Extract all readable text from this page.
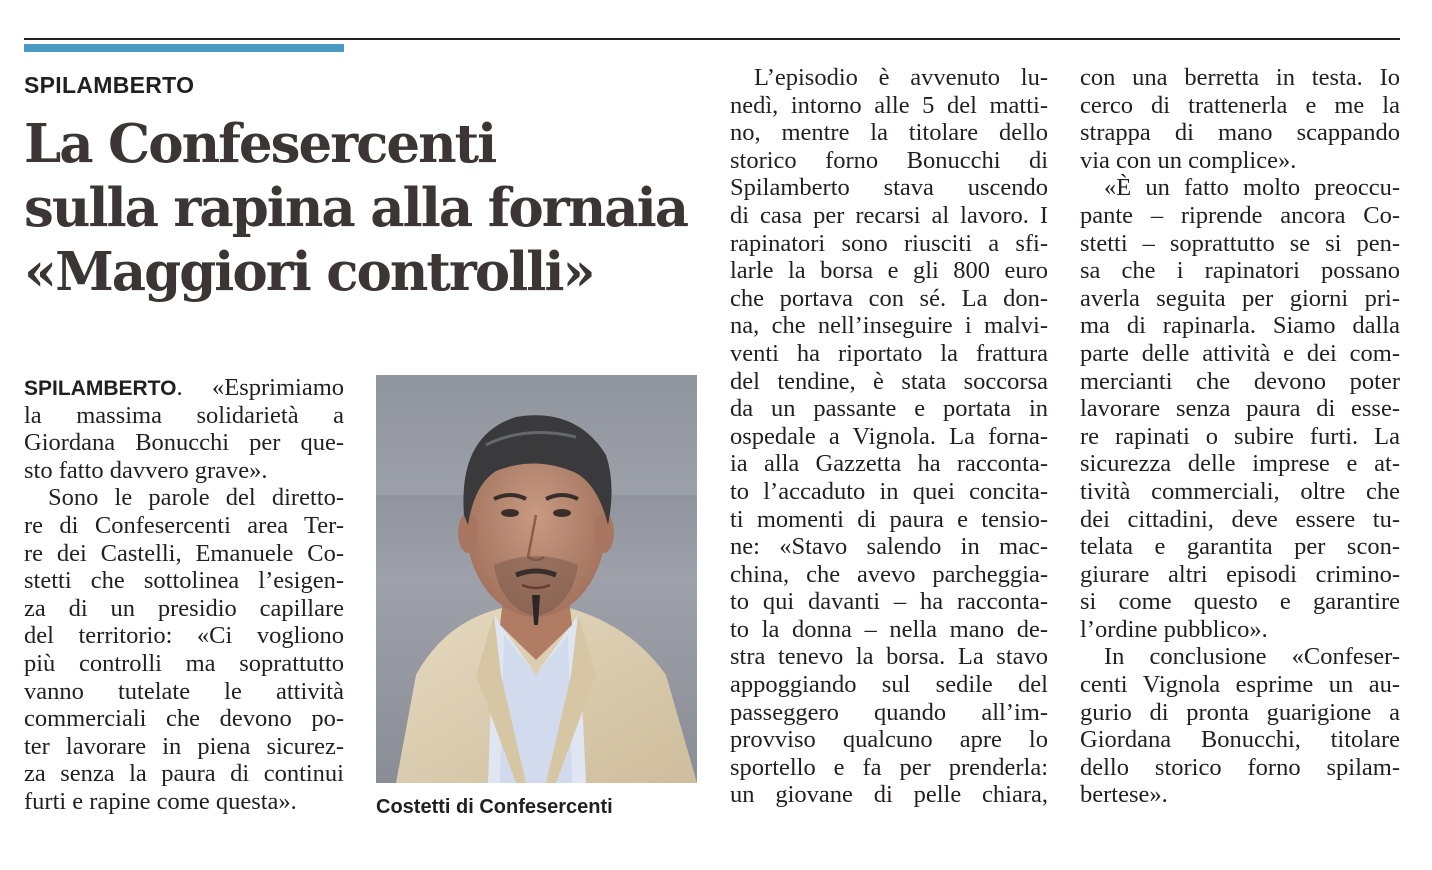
SPILAMBERTO
La Confesercenti
sulla rapina alla fornaia
«Maggiori controlli»
SPILAMBERTO. «Esprimiamo
la massima solidarietà a
Giordana Bonucchi per que-
sto fatto davvero grave».
Sono le parole del diretto-
re di Confesercenti area Ter-
re dei Castelli, Emanuele Co-
stetti che sottolinea l’esigen-
za di un presidio capillare
del territorio: «Ci vogliono
più controlli ma soprattutto
vanno tutelate le attività
commerciali che devono po-
ter lavorare in piena sicurez-
za senza la paura di continui
furti e rapine come questa».	Costetti di Confesercenti
L’episodio è avvenuto lu-
nedì, intorno alle 5 del matti-
no, mentre la titolare dello
storico forno Bonucchi di
Spilamberto stava uscendo
di casa per recarsi al lavoro. I
rapinatori sono riusciti a sfi-
larle la borsa e gli 800 euro
che portava con sé. La don-
na, che nell’inseguire i malvi-
venti ha riportato la frattura
del tendine, è stata soccorsa
da un passante e portata in
ospedale a Vignola. La forna-
ia alla Gazzetta ha racconta-
to l’accaduto in quei concita-
ti momenti di paura e tensio-
ne: «Stavo salendo in mac-
china, che avevo parcheggia-
to qui davanti – ha racconta-
to la donna – nella mano de-
stra tenevo la borsa. La stavo
appoggiando sul sedile del
passeggero quando all’im-
provviso qualcuno apre lo
sportello e fa per prenderla:
un giovane di pelle chiara,
con una berretta in testa. Io
cerco di trattenerla e me la
strappa di mano scappando
via con un complice».
«È un fatto molto preoccu-
pante – riprende ancora Co-
stetti – soprattutto se si pen-
sa che i rapinatori possano
averla seguita per giorni pri-
ma di rapinarla. Siamo dalla
parte delle attività e dei com-
mercianti che devono poter
lavorare senza paura di esse-
re rapinati o subire furti. La
sicurezza delle imprese e at-
tività commerciali, oltre che
dei cittadini, deve essere tu-
telata e garantita per scon-
giurare altri episodi criminо-
si come questo e garantire
l’ordine pubblico».
In conclusione «Confeser-
centi Vignola esprime un au-
gurio di pronta guarigione a
Giordana Bonucchi, titolare
dello storico forno spilam-
bertese».
